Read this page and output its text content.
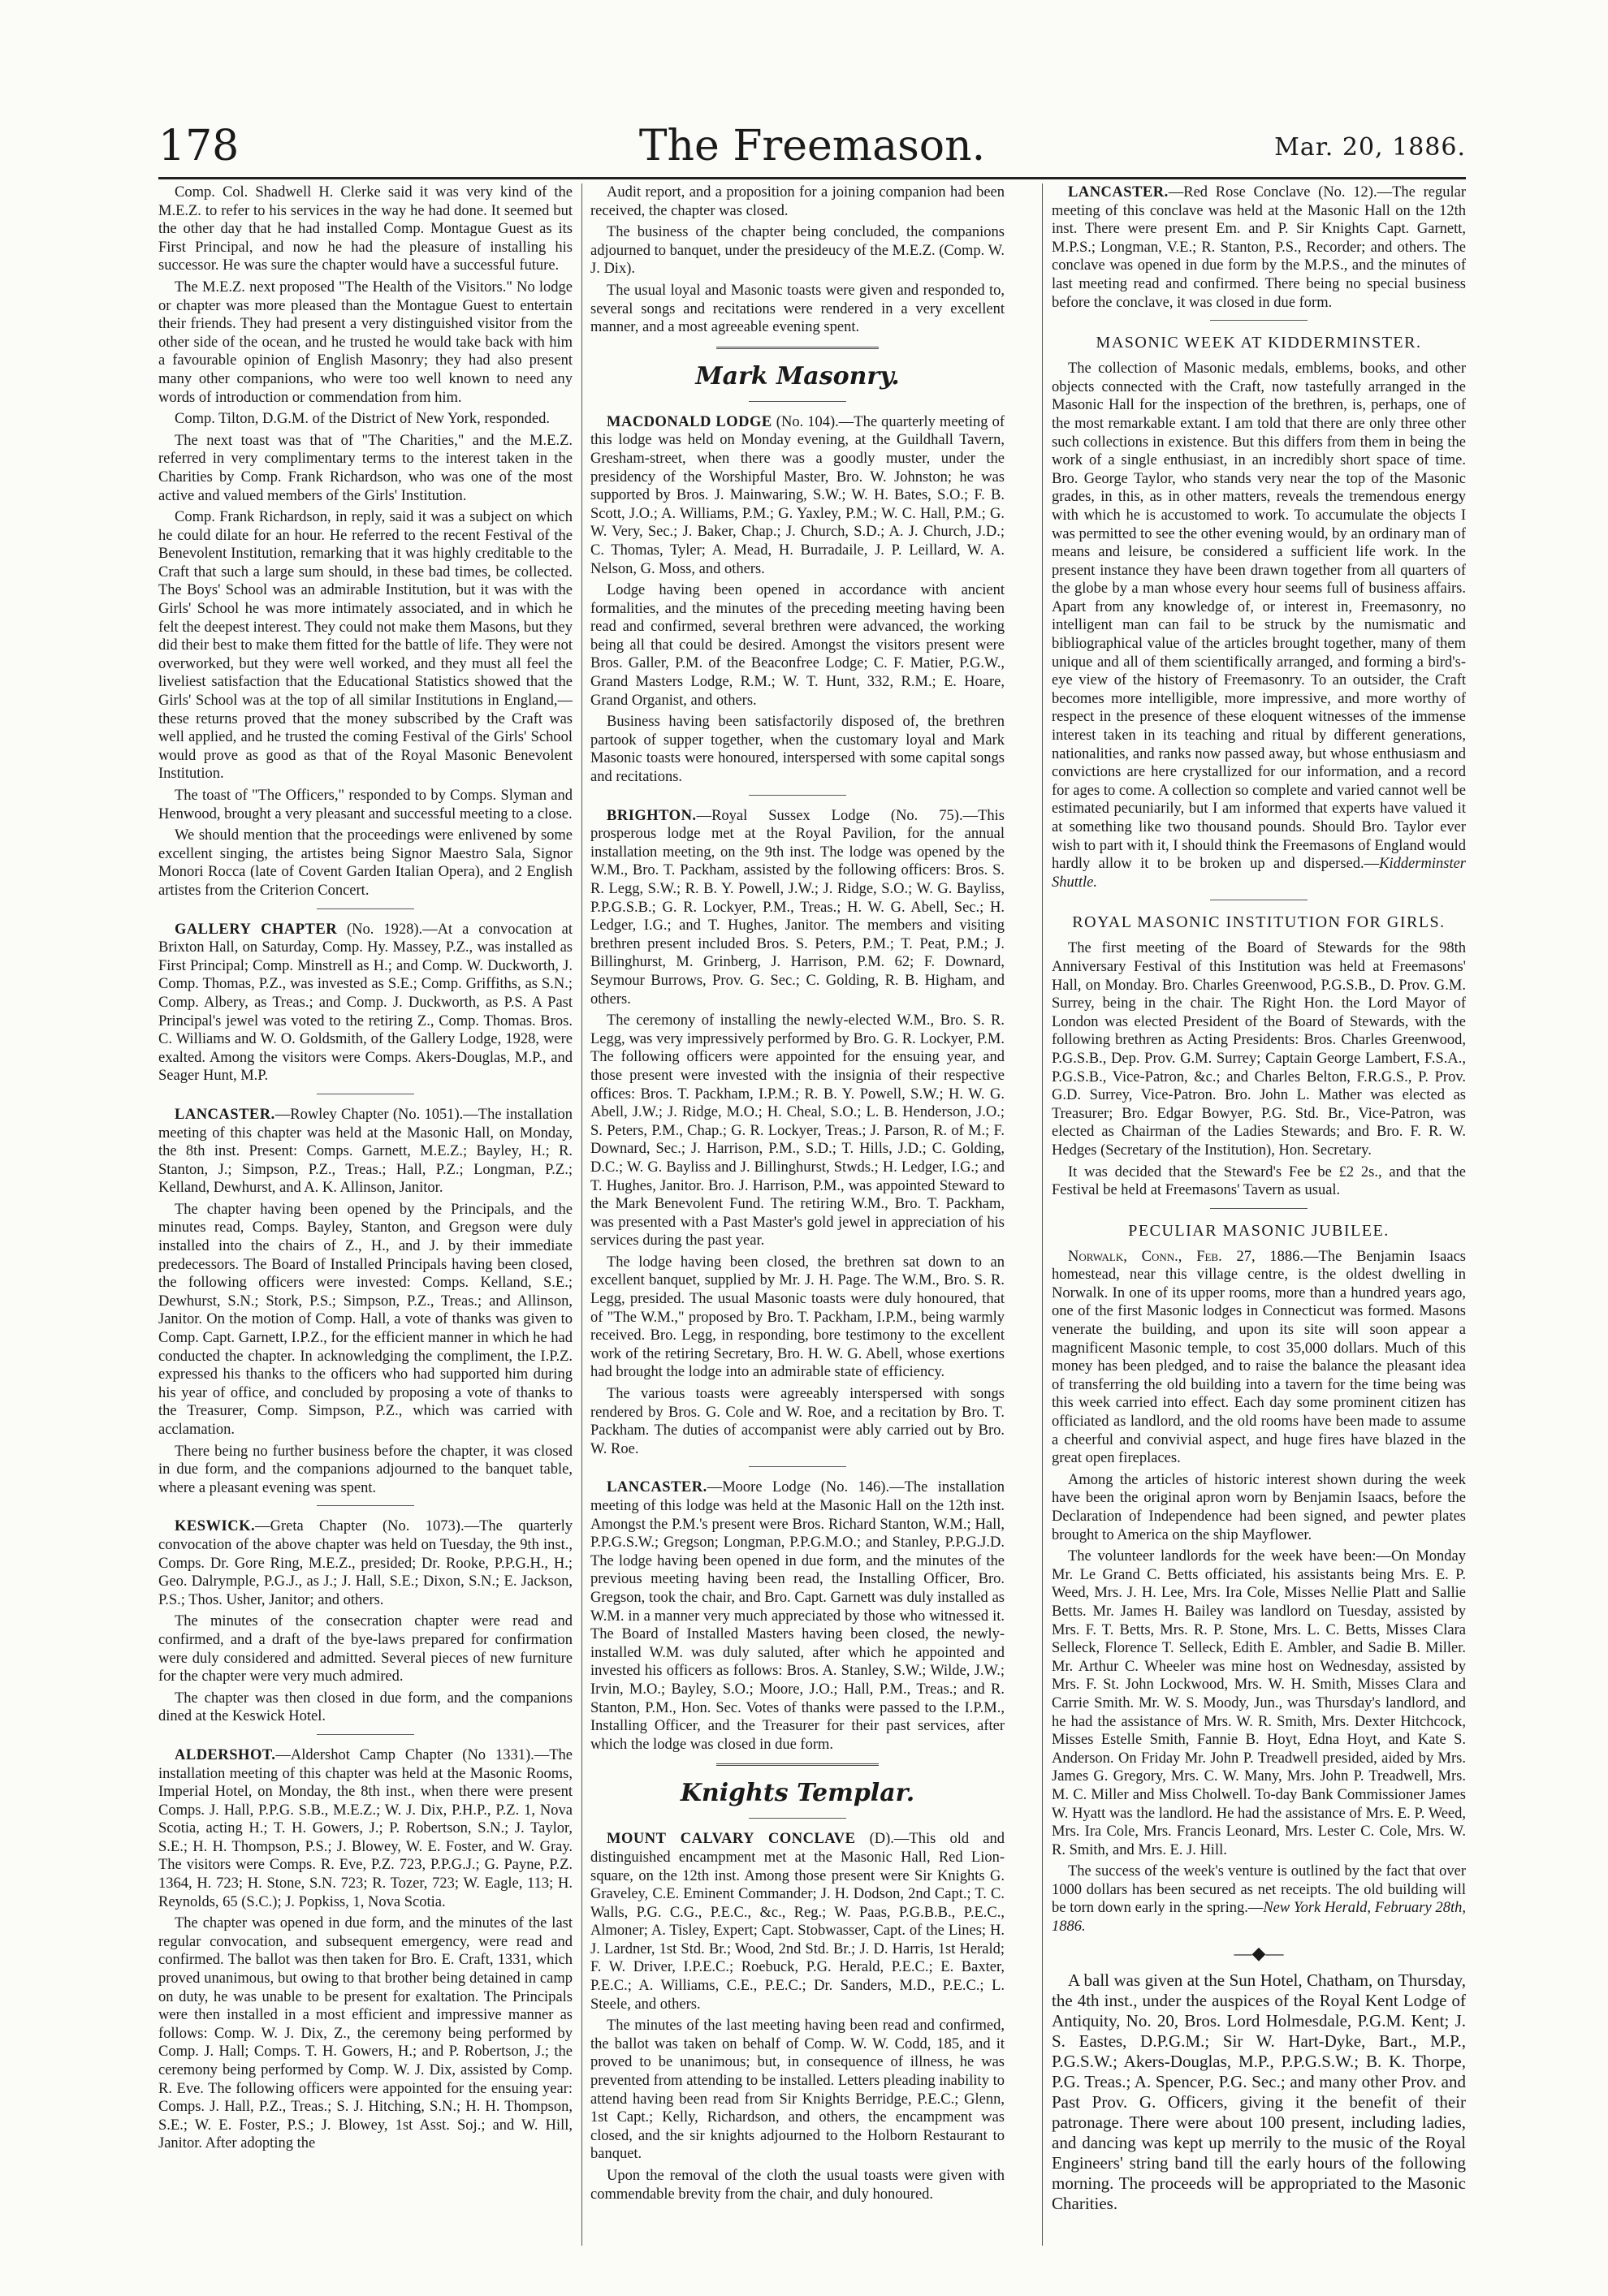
178	The Freemason.	Mar. 20, 1886.

Comp. Col. Shadwell H. Clerke said it was very kind of the M.E.Z. to refer to his services in the way he had done. It seemed but the other day that he had installed Comp. Montague Guest as its First Principal, and now he had the pleasure of installing his successor. He was sure the chapter would have a successful future.

The M.E.Z. next proposed "The Health of the Visitors." No lodge or chapter was more pleased than the Montague Guest to entertain their friends. They had present a very distinguished visitor from the other side of the ocean, and he trusted he would take back with him a favourable opinion of English Masonry; they had also present many other companions, who were too well known to need any words of introduction or commendation from him.

Comp. Tilton, D.G.M. of the District of New York, responded.

The next toast was that of "The Charities," and the M.E.Z. referred in very complimentary terms to the interest taken in the Charities by Comp. Frank Richardson, who was one of the most active and valued members of the Girls' Institution.

Comp. Frank Richardson, in reply, said it was a subject on which he could dilate for an hour. He referred to the recent Festival of the Benevolent Institution, remarking that it was highly creditable to the Craft that such a large sum should, in these bad times, be collected. The Boys' School was an admirable Institution, but it was with the Girls' School he was more intimately associated, and in which he felt the deepest interest. They could not make them Masons, but they did their best to make them fitted for the battle of life. They were not overworked, but they were well worked, and they must all feel the liveliest satisfaction that the Educational Statistics showed that the Girls' School was at the top of all similar Institutions in England,—these returns proved that the money subscribed by the Craft was well applied, and he trusted the coming Festival of the Girls' School would prove as good as that of the Royal Masonic Benevolent Institution.

The toast of "The Officers," responded to by Comps. Slyman and Henwood, brought a very pleasant and successful meeting to a close.

We should mention that the proceedings were enlivened by some excellent singing, the artistes being Signor Maestro Sala, Signor Monori Rocca (late of Covent Garden Italian Opera), and 2 English artistes from the Criterion Concert.

GALLERY CHAPTER (No. 1928).—At a convocation at Brixton Hall, on Saturday, Comp. Hy. Massey, P.Z., was installed as First Principal; Comp. Minstrell as H.; and Comp. W. Duckworth, J. Comp. Thomas, P.Z., was invested as S.E.; Comp. Griffiths, as S.N.; Comp. Albery, as Treas.; and Comp. J. Duckworth, as P.S. A Past Principal's jewel was voted to the retiring Z., Comp. Thomas. Bros. C. Williams and W. O. Goldsmith, of the Gallery Lodge, 1928, were exalted. Among the visitors were Comps. Akers-Douglas, M.P., and Seager Hunt, M.P.

LANCASTER.—Rowley Chapter (No. 1051).—The installation meeting of this chapter was held at the Masonic Hall, on Monday, the 8th inst. Present: Comps. Garnett, M.E.Z.; Bayley, H.; R. Stanton, J.; Simpson, P.Z., Treas.; Hall, P.Z.; Longman, P.Z.; Kelland, Dewhurst, and A. K. Allinson, Janitor.

The chapter having been opened by the Principals, and the minutes read, Comps. Bayley, Stanton, and Gregson were duly installed into the chairs of Z., H., and J. by their immediate predecessors. The Board of Installed Principals having been closed, the following officers were invested: Comps. Kelland, S.E.; Dewhurst, S.N.; Stork, P.S.; Simpson, P.Z., Treas.; and Allinson, Janitor. On the motion of Comp. Hall, a vote of thanks was given to Comp. Capt. Garnett, I.P.Z., for the efficient manner in which he had conducted the chapter. In acknowledging the compliment, the I.P.Z. expressed his thanks to the officers who had supported him during his year of office, and concluded by proposing a vote of thanks to the Treasurer, Comp. Simpson, P.Z., which was carried with acclamation.

There being no further business before the chapter, it was closed in due form, and the companions adjourned to the banquet table, where a pleasant evening was spent.

KESWICK.—Greta Chapter (No. 1073).—The quarterly convocation of the above chapter was held on Tuesday, the 9th inst., Comps. Dr. Gore Ring, M.E.Z., presided; Dr. Rooke, P.P.G.H., H.; Geo. Dalrymple, P.G.J., as J.; J. Hall, S.E.; Dixon, S.N.; E. Jackson, P.S.; Thos. Usher, Janitor; and others.

The minutes of the consecration chapter were read and confirmed, and a draft of the bye-laws prepared for confirmation were duly considered and admitted. Several pieces of new furniture for the chapter were very much admired.

The chapter was then closed in due form, and the companions dined at the Keswick Hotel.

ALDERSHOT.—Aldershot Camp Chapter (No 1331).—The installation meeting of this chapter was held at the Masonic Rooms, Imperial Hotel, on Monday, the 8th inst., when there were present Comps. J. Hall, P.P.G. S.B., M.E.Z.; W. J. Dix, P.H.P., P.Z. 1, Nova Scotia, acting H.; T. H. Gowers, J.; P. Robertson, S.N.; J. Taylor, S.E.; H. H. Thompson, P.S.; J. Blowey, W. E. Foster, and W. Gray. The visitors were Comps. R. Eve, P.Z. 723, P.P.G.J.; G. Payne, P.Z. 1364, H. 723; H. Stone, S.N. 723; R. Tozer, 723; W. Eagle, 113; H. Reynolds, 65 (S.C.); J. Popkiss, 1, Nova Scotia.

The chapter was opened in due form, and the minutes of the last regular convocation, and subsequent emergency, were read and confirmed. The ballot was then taken for Bro. E. Craft, 1331, which proved unanimous, but owing to that brother being detained in camp on duty, he was unable to be present for exaltation. The Principals were then installed in a most efficient and impressive manner as follows: Comp. W. J. Dix, Z., the ceremony being performed by Comp. J. Hall; Comps. T. H. Gowers, H.; and P. Robertson, J.; the ceremony being performed by Comp. W. J. Dix, assisted by Comp. R. Eve. The following officers were appointed for the ensuing year: Comps. J. Hall, P.Z., Treas.; S. J. Hitching, S.N.; H. H. Thompson, S.E.; W. E. Foster, P.S.; J. Blowey, 1st Asst. Soj.; and W. Hill, Janitor. After adopting the

Audit report, and a proposition for a joining companion had been received, the chapter was closed.

The business of the chapter being concluded, the companions adjourned to banquet, under the presideucy of the M.E.Z. (Comp. W. J. Dix).

The usual loyal and Masonic toasts were given and responded to, several songs and recitations were rendered in a very excellent manner, and a most agreeable evening spent.

Mark Masonry.

MACDONALD LODGE (No. 104).—The quarterly meeting of this lodge was held on Monday evening, at the Guildhall Tavern, Gresham-street, when there was a goodly muster, under the presidency of the Worshipful Master, Bro. W. Johnston; he was supported by Bros. J. Mainwaring, S.W.; W. H. Bates, S.O.; F. B. Scott, J.O.; A. Williams, P.M.; G. Yaxley, P.M.; W. C. Hall, P.M.; G. W. Very, Sec.; J. Baker, Chap.; J. Church, S.D.; A. J. Church, J.D.; C. Thomas, Tyler; A. Mead, H. Burradaile, J. P. Leillard, W. A. Nelson, G. Moss, and others.

Lodge having been opened in accordance with ancient formalities, and the minutes of the preceding meeting having been read and confirmed, several brethren were advanced, the working being all that could be desired. Amongst the visitors present were Bros. Galler, P.M. of the Beaconfree Lodge; C. F. Matier, P.G.W., Grand Masters Lodge, R.M.; W. T. Hunt, 332, R.M.; E. Hoare, Grand Organist, and others.

Business having been satisfactorily disposed of, the brethren partook of supper together, when the customary loyal and Mark Masonic toasts were honoured, interspersed with some capital songs and recitations.

BRIGHTON.—Royal Sussex Lodge (No. 75).—This prosperous lodge met at the Royal Pavilion, for the annual installation meeting, on the 9th inst. The lodge was opened by the W.M., Bro. T. Packham, assisted by the following officers: Bros. S. R. Legg, S.W.; R. B. Y. Powell, J.W.; J. Ridge, S.O.; W. G. Bayliss, P.P.G.S.B.; G. R. Lockyer, P.M., Treas.; H. W. G. Abell, Sec.; H. Ledger, I.G.; and T. Hughes, Janitor. The members and visiting brethren present included Bros. S. Peters, P.M.; T. Peat, P.M.; J. Billinghurst, M. Grinberg, J. Harrison, P.M. 62; F. Downard, Seymour Burrows, Prov. G. Sec.; C. Golding, R. B. Higham, and others.

The ceremony of installing the newly-elected W.M., Bro. S. R. Legg, was very impressively performed by Bro. G. R. Lockyer, P.M. The following officers were appointed for the ensuing year, and those present were invested with the insignia of their respective offices: Bros. T. Packham, I.P.M.; R. B. Y. Powell, S.W.; H. W. G. Abell, J.W.; J. Ridge, M.O.; H. Cheal, S.O.; L. B. Henderson, J.O.; S. Peters, P.M., Chap.; G. R. Lockyer, Treas.; J. Parson, R. of M.; F. Downard, Sec.; J. Harrison, P.M., S.D.; T. Hills, J.D.; C. Golding, D.C.; W. G. Bayliss and J. Billinghurst, Stwds.; H. Ledger, I.G.; and T. Hughes, Janitor. Bro. J. Harrison, P.M., was appointed Steward to the Mark Benevolent Fund. The retiring W.M., Bro. T. Packham, was presented with a Past Master's gold jewel in appreciation of his services during the past year.

The lodge having been closed, the brethren sat down to an excellent banquet, supplied by Mr. J. H. Page. The W.M., Bro. S. R. Legg, presided. The usual Masonic toasts were duly honoured, that of "The W.M.," proposed by Bro. T. Packham, I.P.M., being warmly received. Bro. Legg, in responding, bore testimony to the excellent work of the retiring Secretary, Bro. H. W. G. Abell, whose exertions had brought the lodge into an admirable state of efficiency.

The various toasts were agreeably interspersed with songs rendered by Bros. G. Cole and W. Roe, and a recitation by Bro. T. Packham. The duties of accompanist were ably carried out by Bro. W. Roe.

LANCASTER.—Moore Lodge (No. 146).—The installation meeting of this lodge was held at the Masonic Hall on the 12th inst. Amongst the P.M.'s present were Bros. Richard Stanton, W.M.; Hall, P.P.G.S.W.; Gregson; Longman, P.P.G.M.O.; and Stanley, P.P.G.J.D. The lodge having been opened in due form, and the minutes of the previous meeting having been read, the Installing Officer, Bro. Gregson, took the chair, and Bro. Capt. Garnett was duly installed as W.M. in a manner very much appreciated by those who witnessed it. The Board of Installed Masters having been closed, the newly-installed W.M. was duly saluted, after which he appointed and invested his officers as follows: Bros. A. Stanley, S.W.; Wilde, J.W.; Irvin, M.O.; Bayley, S.O.; Moore, J.O.; Hall, P.M., Treas.; and R. Stanton, P.M., Hon. Sec. Votes of thanks were passed to the I.P.M., Installing Officer, and the Treasurer for their past services, after which the lodge was closed in due form.

Knights Templar.

MOUNT CALVARY CONCLAVE (D).—This old and distinguished encampment met at the Masonic Hall, Red Lion-square, on the 12th inst. Among those present were Sir Knights G. Graveley, C.E. Eminent Commander; J. H. Dodson, 2nd Capt.; T. C. Walls, P.G. C.G., P.E.C., &c., Reg.; W. Paas, P.G.B.B., P.E.C., Almoner; A. Tisley, Expert; Capt. Stobwasser, Capt. of the Lines; H. J. Lardner, 1st Std. Br.; Wood, 2nd Std. Br.; J. D. Harris, 1st Herald; F. W. Driver, I.P.E.C.; Roebuck, P.G. Herald, P.E.C.; E. Baxter, P.E.C.; A. Williams, C.E., P.E.C.; Dr. Sanders, M.D., P.E.C.; L. Steele, and others.

The minutes of the last meeting having been read and confirmed, the ballot was taken on behalf of Comp. W. W. Codd, 185, and it proved to be unanimous; but, in consequence of illness, he was prevented from attending to be installed. Letters pleading inability to attend having been read from Sir Knights Berridge, P.E.C.; Glenn, 1st Capt.; Kelly, Richardson, and others, the encampment was closed, and the sir knights adjourned to the Holborn Restaurant to banquet.

Upon the removal of the cloth the usual toasts were given with commendable brevity from the chair, and duly honoured.

LANCASTER.—Red Rose Conclave (No. 12).—The regular meeting of this conclave was held at the Masonic Hall on the 12th inst. There were present Em. and P. Sir Knights Capt. Garnett, M.P.S.; Longman, V.E.; R. Stanton, P.S., Recorder; and others. The conclave was opened in due form by the M.P.S., and the minutes of last meeting read and confirmed. There being no special business before the conclave, it was closed in due form.

MASONIC WEEK AT KIDDERMINSTER.

The collection of Masonic medals, emblems, books, and other objects connected with the Craft, now tastefully arranged in the Masonic Hall for the inspection of the brethren, is, perhaps, one of the most remarkable extant. I am told that there are only three other such collections in existence. But this differs from them in being the work of a single enthusiast, in an incredibly short space of time. Bro. George Taylor, who stands very near the top of the Masonic grades, in this, as in other matters, reveals the tremendous energy with which he is accustomed to work. To accumulate the objects I was permitted to see the other evening would, by an ordinary man of means and leisure, be considered a sufficient life work. In the present instance they have been drawn together from all quarters of the globe by a man whose every hour seems full of business affairs. Apart from any knowledge of, or interest in, Freemasonry, no intelligent man can fail to be struck by the numismatic and bibliographical value of the articles brought together, many of them unique and all of them scientifically arranged, and forming a bird's-eye view of the history of Freemasonry. To an outsider, the Craft becomes more intelligible, more impressive, and more worthy of respect in the presence of these eloquent witnesses of the immense interest taken in its teaching and ritual by different generations, nationalities, and ranks now passed away, but whose enthusiasm and convictions are here crystallized for our information, and a record for ages to come. A collection so complete and varied cannot well be estimated pecuniarily, but I am informed that experts have valued it at something like two thousand pounds. Should Bro. Taylor ever wish to part with it, I should think the Freemasons of England would hardly allow it to be broken up and dispersed.—Kidderminster Shuttle.

ROYAL MASONIC INSTITUTION FOR GIRLS.

The first meeting of the Board of Stewards for the 98th Anniversary Festival of this Institution was held at Freemasons' Hall, on Monday. Bro. Charles Greenwood, P.G.S.B., D. Prov. G.M. Surrey, being in the chair. The Right Hon. the Lord Mayor of London was elected President of the Board of Stewards, with the following brethren as Acting Presidents: Bros. Charles Greenwood, P.G.S.B., Dep. Prov. G.M. Surrey; Captain George Lambert, F.S.A., P.G.S.B., Vice-Patron, &c.; and Charles Belton, F.R.G.S., P. Prov. G.D. Surrey, Vice-Patron. Bro. John L. Mather was elected as Treasurer; Bro. Edgar Bowyer, P.G. Std. Br., Vice-Patron, was elected as Chairman of the Ladies Stewards; and Bro. F. R. W. Hedges (Secretary of the Institution), Hon. Secretary.

It was decided that the Steward's Fee be £2 2s., and that the Festival be held at Freemasons' Tavern as usual.

PECULIAR MASONIC JUBILEE.

Norwalk, Conn., Feb. 27, 1886.—The Benjamin Isaacs homestead, near this village centre, is the oldest dwelling in Norwalk. In one of its upper rooms, more than a hundred years ago, one of the first Masonic lodges in Connecticut was formed. Masons venerate the building, and upon its site will soon appear a magnificent Masonic temple, to cost 35,000 dollars. Much of this money has been pledged, and to raise the balance the pleasant idea of transferring the old building into a tavern for the time being was this week carried into effect. Each day some prominent citizen has officiated as landlord, and the old rooms have been made to assume a cheerful and convivial aspect, and huge fires have blazed in the great open fireplaces.

Among the articles of historic interest shown during the week have been the original apron worn by Benjamin Isaacs, before the Declaration of Independence had been signed, and pewter plates brought to America on the ship Mayflower.

The volunteer landlords for the week have been:—On Monday Mr. Le Grand C. Betts officiated, his assistants being Mrs. E. P. Weed, Mrs. J. H. Lee, Mrs. Ira Cole, Misses Nellie Platt and Sallie Betts. Mr. James H. Bailey was landlord on Tuesday, assisted by Mrs. F. T. Betts, Mrs. R. P. Stone, Mrs. L. C. Betts, Misses Clara Selleck, Florence T. Selleck, Edith E. Ambler, and Sadie B. Miller. Mr. Arthur C. Wheeler was mine host on Wednesday, assisted by Mrs. F. St. John Lockwood, Mrs. W. H. Smith, Misses Clara and Carrie Smith. Mr. W. S. Moody, Jun., was Thursday's landlord, and he had the assistance of Mrs. W. R. Smith, Mrs. Dexter Hitchcock, Misses Estelle Smith, Fannie B. Hoyt, Edna Hoyt, and Kate S. Anderson. On Friday Mr. John P. Treadwell presided, aided by Mrs. James G. Gregory, Mrs. C. W. Many, Mrs. John P. Treadwell, Mrs. M. C. Miller and Miss Cholwell. To-day Bank Commissioner James W. Hyatt was the landlord. He had the assistance of Mrs. E. P. Weed, Mrs. Ira Cole, Mrs. Francis Leonard, Mrs. Lester C. Cole, Mrs. W. R. Smith, and Mrs. E. J. Hill.

The success of the week's venture is outlined by the fact that over 1000 dollars has been secured as net receipts. The old building will be torn down early in the spring.—New York Herald, February 28th, 1886.

—◆—

A ball was given at the Sun Hotel, Chatham, on Thursday, the 4th inst., under the auspices of the Royal Kent Lodge of Antiquity, No. 20, Bros. Lord Holmesdale, P.G.M. Kent; J. S. Eastes, D.P.G.M.; Sir W. Hart-Dyke, Bart., M.P., P.G.S.W.; Akers-Douglas, M.P., P.P.G.S.W.; B. K. Thorpe, P.G. Treas.; A. Spencer, P.G. Sec.; and many other Prov. and Past Prov. G. Officers, giving it the benefit of their patronage. There were about 100 present, including ladies, and dancing was kept up merrily to the music of the Royal Engineers' string band till the early hours of the following morning. The proceeds will be appropriated to the Masonic Charities.
